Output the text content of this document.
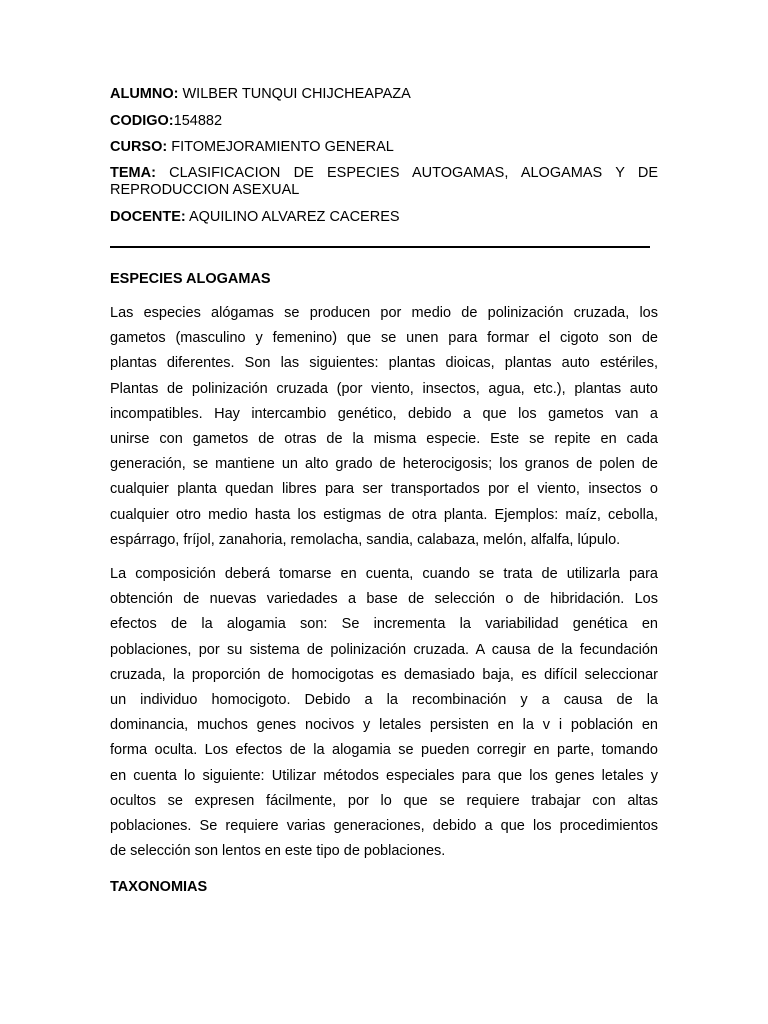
ALUMNO: WILBER TUNQUI CHIJCHEAPAZA
CODIGO:154882
CURSO: FITOMEJORAMIENTO GENERAL
TEMA: CLASIFICACION DE ESPECIES AUTOGAMAS, ALOGAMAS Y DE
REPRODUCCION ASEXUAL
DOCENTE: AQUILINO ALVAREZ CACERES
ESPECIES ALOGAMAS
Las especies alógamas se producen por medio de polinización cruzada, los
gametos (masculino y femenino) que se unen para formar el cigoto son de
plantas diferentes. Son las siguientes: plantas dioicas, plantas auto estériles,
Plantas de polinización cruzada (por viento, insectos, agua, etc.), plantas auto
incompatibles. Hay intercambio genético, debido a que los gametos van a
unirse con gametos de otras de la misma especie. Este se repite en cada
generación, se mantiene un alto grado de heterocigosis; los granos de polen de
cualquier planta quedan libres para ser transportados por el viento, insectos o
cualquier otro medio hasta los estigmas de otra planta. Ejemplos: maíz, cebolla,
espárrago, fríjol, zanahoria, remolacha, sandia, calabaza, melón, alfalfa, lúpulo.
La composición deberá tomarse en cuenta, cuando se trata de utilizarla para
obtención de nuevas variedades a base de selección o de hibridación. Los
efectos de la alogamia son: Se incrementa la variabilidad genética en
poblaciones, por su sistema de polinización cruzada. A causa de la fecundación
cruzada, la proporción de homocigotas es demasiado baja, es difícil seleccionar
un individuo homocigoto. Debido a la recombinación y a causa de la
dominancia, muchos genes nocivos y letales persisten en la v i población en
forma oculta. Los efectos de la alogamia se pueden corregir en parte, tomando
en cuenta lo siguiente: Utilizar métodos especiales para que los genes letales y
ocultos se expresen fácilmente, por lo que se requiere trabajar con altas
poblaciones. Se requiere varias generaciones, debido a que los procedimientos
de selección son lentos en este tipo de poblaciones.
TAXONOMIAS
